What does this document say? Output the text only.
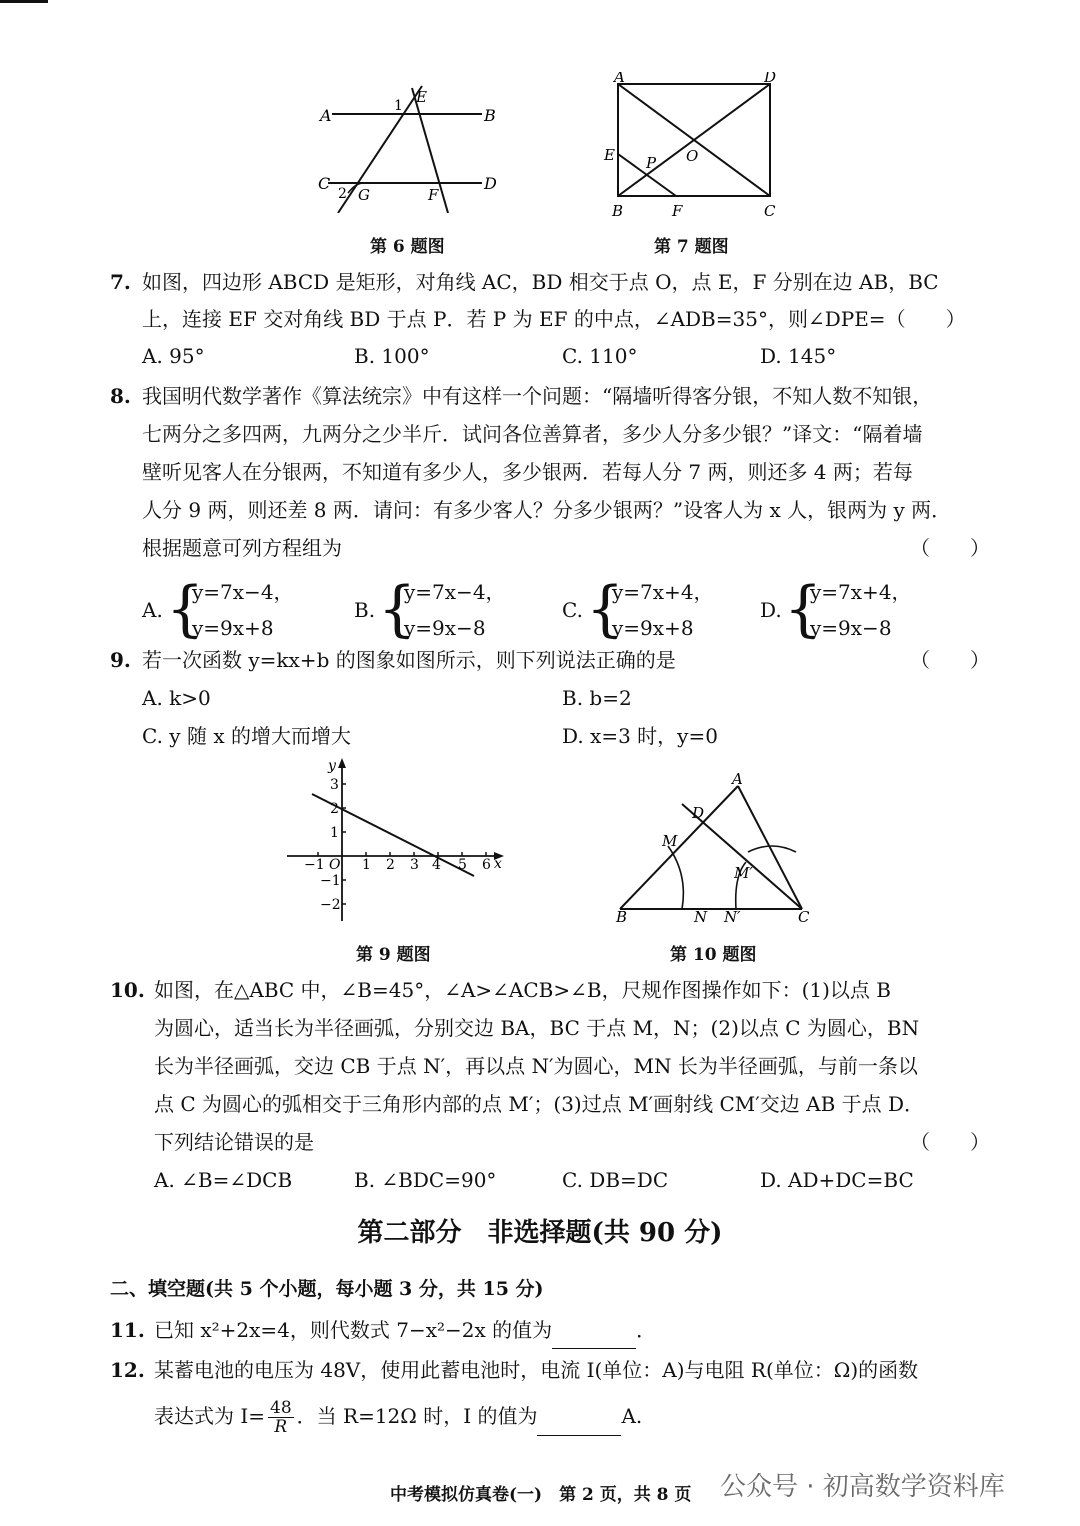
A	B
C	D
E
F
G
1
2
第 6 题图
A	D
B	C
E
F
P O
第 7 题图
7. 如图，四边形 ABCD 是矩形，对角线 AC，BD 相交于点 O，点 E，F 分别在边 AB，BC
上，连接 EF 交对角线 BD 于点 P．若 P 为 EF 的中点，∠ADB=35°，则∠DPE=（　　）
A. 95°	B. 100°	C. 110°	D. 145°
8. 我国明代数学著作《算法统宗》中有这样一个问题：“隔墙听得客分银，不知人数不知银，
七两分之多四两，九两分之少半斤．试问各位善算者，多少人分多少银？”译文：“隔着墙
壁听见客人在分银两，不知道有多少人，多少银两．若每人分 7 两，则还多 4 两；若每
人分 9 两，则还差 8 两．请问：有多少客人？分多少银两？”设客人为 x 人，银两为 y 两．
根据题意可列方程组为	（　　）
A. {
y=7x−4，
y=9x+8
B. {
y=7x−4，
y=9x−8
C. {
y=7x+4，
y=9x+8
D. {
y=7x+4，
y=9x−8
9. 若一次函数 y=kx+b 的图象如图所示，则下列说法正确的是	（　　）
A. k>0	B. b=2
C. y 随 x 的增大而增大	D. x=3 时，y=0
y
x
O
−1	1 2 3 4 5 6
3
2
1
−1
−2
第 9 题图
A
D
M
M′
B	N N′	C
第 10 题图
10. 如图，在△ABC 中，∠B=45°，∠A>∠ACB>∠B，尺规作图操作如下：(1)以点 B
为圆心，适当长为半径画弧，分别交边 BA，BC 于点 M，N；(2)以点 C 为圆心，BN
长为半径画弧，交边 CB 于点 N′，再以点 N′为圆心，MN 长为半径画弧，与前一条以
点 C 为圆心的弧相交于三角形内部的点 M′；(3)过点 M′画射线 CM′交边 AB 于点 D．
下列结论错误的是	（　　）
A. ∠B=∠DCB	B. ∠BDC=90°	C. DB=DC	D. AD+DC=BC
第二部分　非选择题(共 90 分)
二、填空题(共 5 个小题，每小题 3 分，共 15 分)
11. 已知 x²+2x=4，则代数式 7−x²−2x 的值为	．
12. 某蓄电池的电压为 48V，使用此蓄电池时，电流 I(单位：A)与电阻 R(单位：Ω)的函数
表达式为 $I= \frac{48}{R}$ ．当 R=12Ω 时，I 的值为	A.
中考模拟仿真卷(一)　第 2 页，共 8 页 公众号 · 初高数学资料库
